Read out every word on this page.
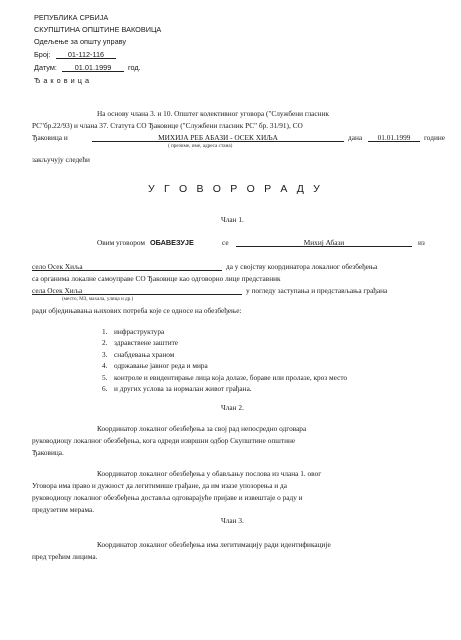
РЕПУБЛИКА СРБИЈА
СКУПШТИНА ОПШТИНЕ ВАКОВИЦА
Одељење за општу управу
Број:	01-112-116
Датум:	01.01.1999	год.
Ђ а к о в и ц а
На основу члана 3. и 10. Општег колективног уговора ("Службени гласник
РС"бр.22/93) и члана 37. Статута СО Ђаковице ("Службени гласник РС" бр. 31/91), СО
Ђаковица и	МИХИЈА РЕБ АБАЗИ - ОСЕК ХИЉА	дана	01.01.1999	године
( презиме, име, адреса стана)
закључују следећи
У Г О В О Р О Р А Д У
Члан 1.
Овим уговором ОБАВЕЗУЈЕ	се	Михиј Абази	из
село Осек Хиља	да у својству координатора локалног обезбеђења
са органима локалне самоуправе СО Ђаковице као одговорно лице представник
села Осек Хиља	у погледу заступања и представљања грађана
(место, МЗ, махала, улица и др.)
ради обједињавања њихових потреба које се односе на обезбеђење:
1. инфраструктура
2. здравствене заштите
3. снабдевања храном
4. одржавање јавног реда и мира
5. контроле и евидентирање лица која долазе, бораве или пролазе, кроз место
6. и других услова за нормалан живот грађана.
Члан 2.
Координатор локалног обезбеђења за свој рад непосредно одговара
руководиоцу локалног обезбеђења, кога одреди извршни одбор Скупштине општине
Ђаковица.
Координатор локалног обезбеђења у обављању послова из члана 1. овог
Уговора има право и дужност да легитимише грађане, да им изазе упозорења и да
руководиоцу локалног обезбеђења доставља одговарајуће пријаве и извештаје о раду и
предузетим мерама.
Члан 3.
Координатор локалног обезбеђења има легитимацију ради идентификације
пред трећим лицима.
